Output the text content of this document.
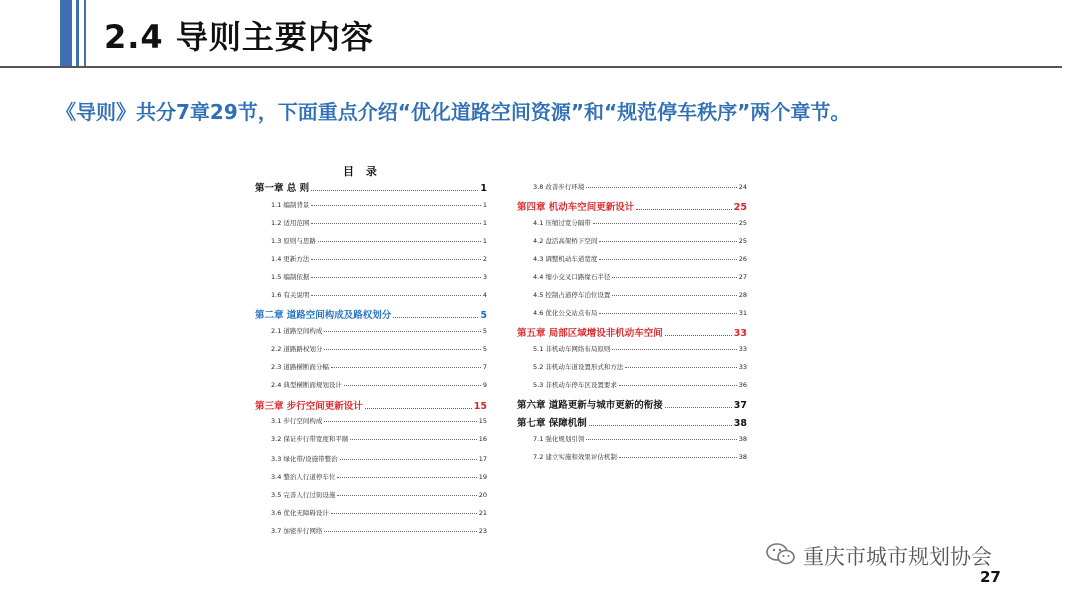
2.4 导则主要内容
《导则》共分7章29节，下面重点介绍“优化道路空间资源”和“规范停车秩序”两个章节。
目 录
第一章 总 则	1
1.1 编制背景	1
1.2 适用范围	1
1.3 原则与思路	1
1.4 更新方法	2
1.5 编制依据	3
1.6 有关说明	4
第二章 道路空间构成及路权划分	5
2.1 道路空间构成	5
2.2 道路路权划分	5
2.3 道路横断面分幅	7
2.4 典型横断面规划设计	9
第三章 步行空间更新设计	15
3.1 步行空间构成	15
3.2 保证步行带宽度和平顺	16
3.3 绿化带/设施带整治	17
3.4 整治人行道停车位	19
3.5 完善人行过街设施	20
3.6 优化无障碍设计	21
3.7 加密步行网络	23
3.8 改善步行环境	24
第四章 机动车空间更新设计	25
4.1 压缩过宽分隔带	25
4.2 盘活高架桥下空间	25
4.3 调整机动车道宽度	26
4.4 缩小交叉口路缘石半径	27
4.5 控制占道停车泊位设置	28
4.6 优化公交站点布局	31
第五章 局部区域增设非机动车空间	33
5.1 非机动车网络布局原则	33
5.2 非机动车道设置形式和方法	33
5.3 非机动车停车区设置要求	36
第六章 道路更新与城市更新的衔接	37
第七章 保障机制	38
7.1 强化规划引领	38
7.2 建立实施和效果评估机制	38
重庆市城市规划协会
27
